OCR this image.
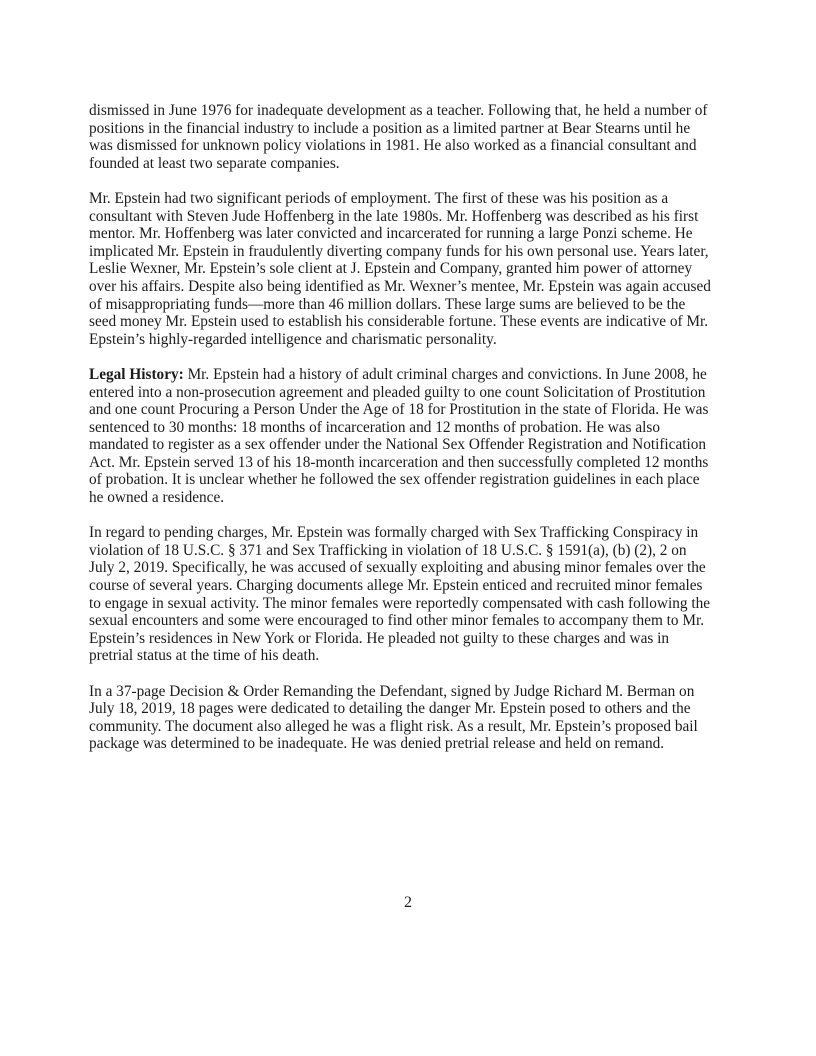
dismissed in June 1976 for inadequate development as a teacher. Following that, he held a number of positions in the financial industry to include a position as a limited partner at Bear Stearns until he was dismissed for unknown policy violations in 1981. He also worked as a financial consultant and founded at least two separate companies.

Mr. Epstein had two significant periods of employment. The first of these was his position as a consultant with Steven Jude Hoffenberg in the late 1980s. Mr. Hoffenberg was described as his first mentor. Mr. Hoffenberg was later convicted and incarcerated for running a large Ponzi scheme. He implicated Mr. Epstein in fraudulently diverting company funds for his own personal use. Years later, Leslie Wexner, Mr. Epstein’s sole client at J. Epstein and Company, granted him power of attorney over his affairs. Despite also being identified as Mr. Wexner’s mentee, Mr. Epstein was again accused of misappropriating funds—more than 46 million dollars. These large sums are believed to be the seed money Mr. Epstein used to establish his considerable fortune. These events are indicative of Mr. Epstein’s highly-regarded intelligence and charismatic personality.

Legal History: Mr. Epstein had a history of adult criminal charges and convictions. In June 2008, he entered into a non-prosecution agreement and pleaded guilty to one count Solicitation of Prostitution and one count Procuring a Person Under the Age of 18 for Prostitution in the state of Florida. He was sentenced to 30 months: 18 months of incarceration and 12 months of probation. He was also mandated to register as a sex offender under the National Sex Offender Registration and Notification Act. Mr. Epstein served 13 of his 18-month incarceration and then successfully completed 12 months of probation. It is unclear whether he followed the sex offender registration guidelines in each place he owned a residence.

In regard to pending charges, Mr. Epstein was formally charged with Sex Trafficking Conspiracy in violation of 18 U.S.C. § 371 and Sex Trafficking in violation of 18 U.S.C. § 1591(a), (b) (2), 2 on July 2, 2019. Specifically, he was accused of sexually exploiting and abusing minor females over the course of several years. Charging documents allege Mr. Epstein enticed and recruited minor females to engage in sexual activity. The minor females were reportedly compensated with cash following the sexual encounters and some were encouraged to find other minor females to accompany them to Mr. Epstein’s residences in New York or Florida. He pleaded not guilty to these charges and was in pretrial status at the time of his death.

In a 37-page Decision & Order Remanding the Defendant, signed by Judge Richard M. Berman on July 18, 2019, 18 pages were dedicated to detailing the danger Mr. Epstein posed to others and the community. The document also alleged he was a flight risk. As a result, Mr. Epstein’s proposed bail package was determined to be inadequate. He was denied pretrial release and held on remand.

2
